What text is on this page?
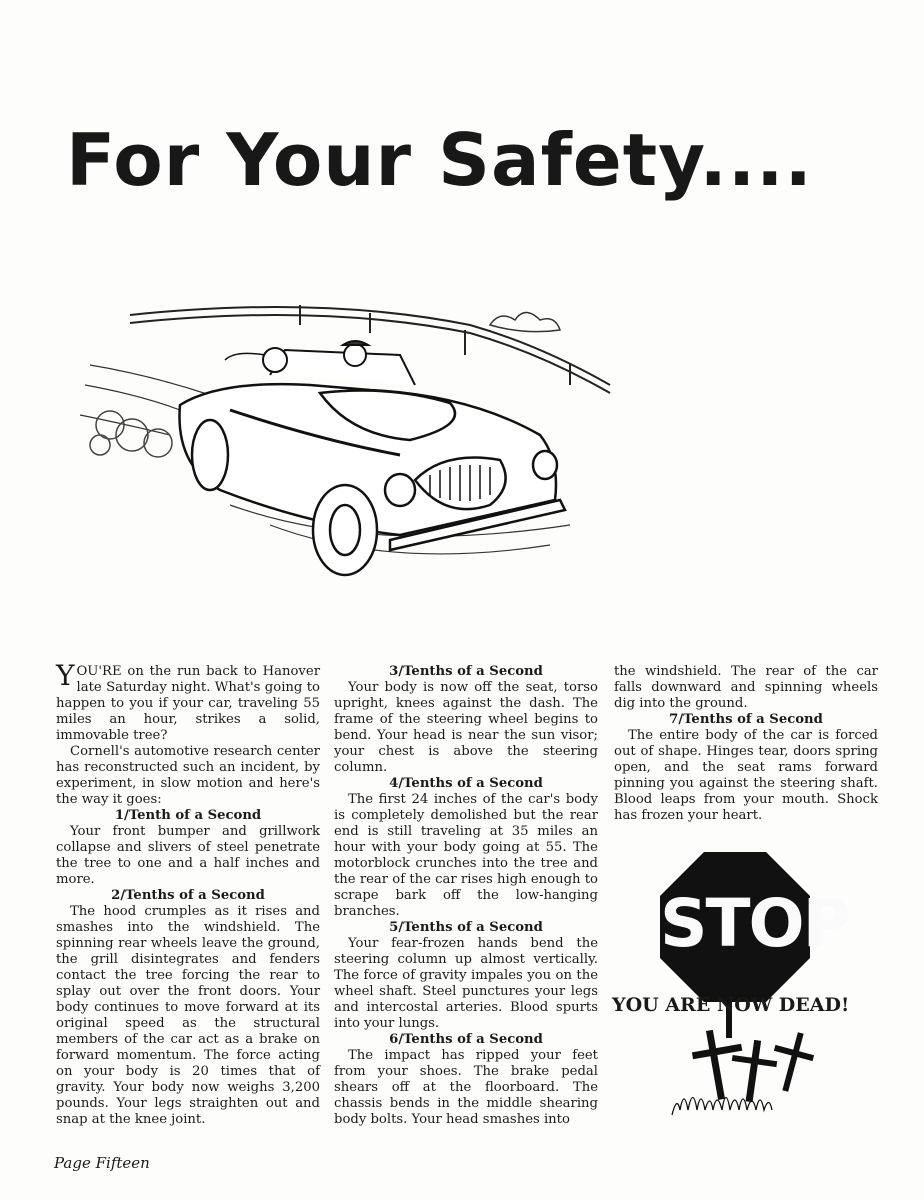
For Your Safety....

YOU'RE on the run back to Hanover late Saturday night. What's going to happen to you if your car, traveling 55 miles an hour, strikes a solid, immovable tree?

Cornell's automotive research center has reconstructed such an incident, by experiment, in slow motion and here's the way it goes:

1/Tenth of a Second

Your front bumper and grillwork collapse and slivers of steel penetrate the tree to one and a half inches and more.

2/Tenths of a Second

The hood crumples as it rises and smashes into the windshield. The spinning rear wheels leave the ground, the grill disintegrates and fenders contact the tree forcing the rear to splay out over the front doors. Your body continues to move forward at its original speed as the structural members of the car act as a brake on forward momentum. The force acting on your body is 20 times that of gravity. Your body now weighs 3,200 pounds. Your legs straighten out and snap at the knee joint.

3/Tenths of a Second

Your body is now off the seat, torso upright, knees against the dash. The frame of the steering wheel begins to bend. Your head is near the sun visor; your chest is above the steering column.

4/Tenths of a Second

The first 24 inches of the car's body is completely demolished but the rear end is still traveling at 35 miles an hour with your body going at 55. The motorblock crunches into the tree and the rear of the car rises high enough to scrape bark off the low-hanging branches.

5/Tenths of a Second

Your fear-frozen hands bend the steering column up almost vertically. The force of gravity impales you on the wheel shaft. Steel punctures your legs and intercostal arteries. Blood spurts into your lungs.

6/Tenths of a Second

The impact has ripped your feet from your shoes. The brake pedal shears off at the floorboard. The chassis bends in the middle shearing body bolts. Your head smashes into

the windshield. The rear of the car falls downward and spinning wheels dig into the ground.

7/Tenths of a Second

The entire body of the car is forced out of shape. Hinges tear, doors spring open, and the seat rams forward pinning you against the steering shaft. Blood leaps from your mouth. Shock has frozen your heart.

STOP
YOU ARE NOW DEAD!
Page Fifteen
